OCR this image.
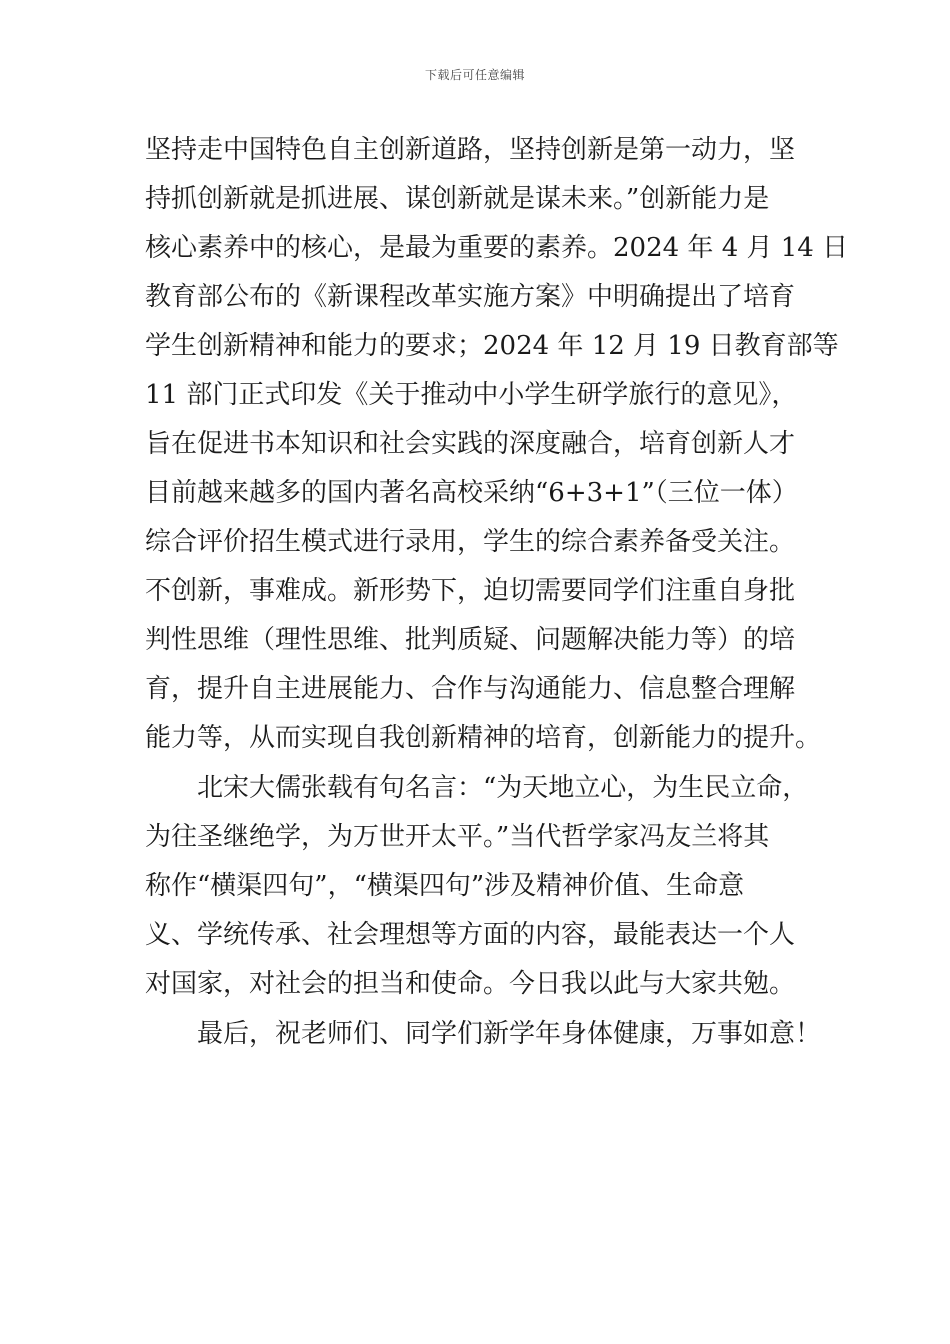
下载后可任意编辑
坚持走中国特色自主创新道路，坚持创新是第一动力，坚
持抓创新就是抓进展、谋创新就是谋未来。”创新能力是
核心素养中的核心，是最为重要的素养。2024 年 4 月 14 日
教育部公布的《新课程改革实施方案》中明确提出了培育
学生创新精神和能力的要求；2024 年 12 月 19 日教育部等
11 部门正式印发《关于推动中小学生研学旅行的意见》，
旨在促进书本知识和社会实践的深度融合，培育创新人才
目前越来越多的国内著名高校采纳“6+3+1”（三位一体）
综合评价招生模式进行录用，学生的综合素养备受关注。
不创新，事难成。新形势下，迫切需要同学们注重自身批
判性思维（理性思维、批判质疑、问题解决能力等）的培
育，提升自主进展能力、合作与沟通能力、信息整合理解
能力等，从而实现自我创新精神的培育，创新能力的提升。
北宋大儒张载有句名言：“为天地立心，为生民立命，
为往圣继绝学，为万世开太平。”当代哲学家冯友兰将其
称作“横渠四句”，“横渠四句”涉及精神价值、生命意
义、学统传承、社会理想等方面的内容，最能表达一个人
对国家，对社会的担当和使命。今日我以此与大家共勉。
最后，祝老师们、同学们新学年身体健康，万事如意！
